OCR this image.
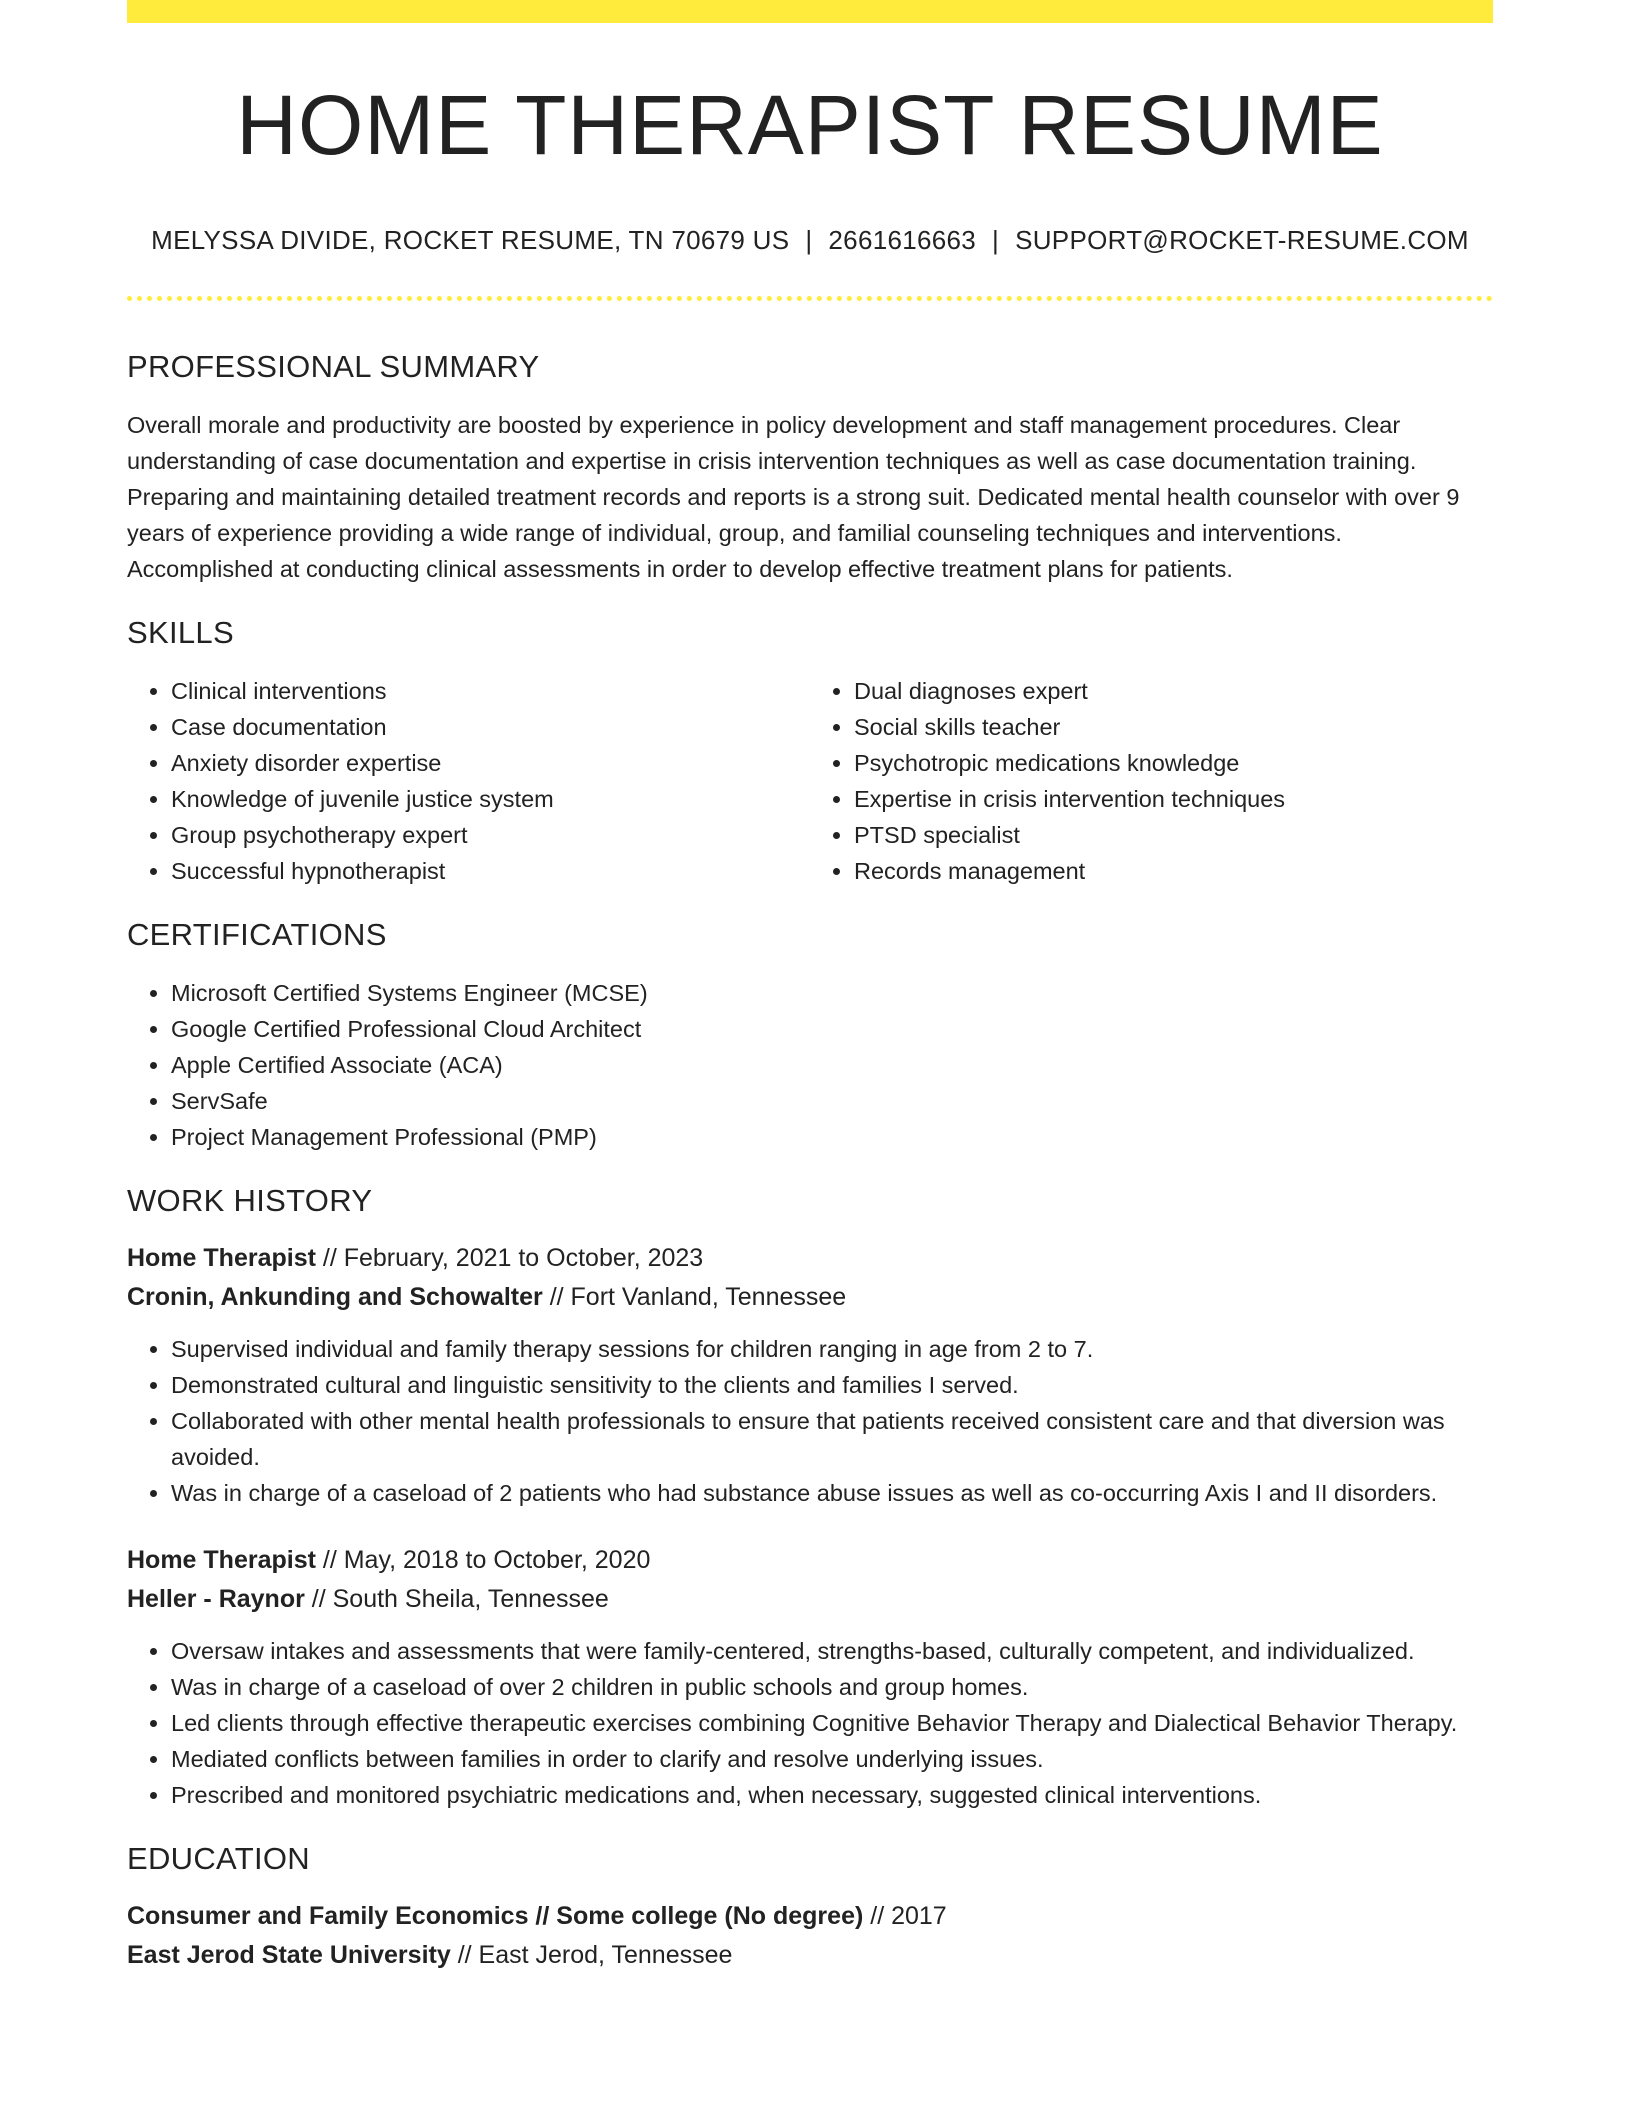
HOME THERAPIST RESUME
MELYSSA DIVIDE, ROCKET RESUME, TN 70679 US | 2661616663 | SUPPORT@ROCKET-RESUME.COM
PROFESSIONAL SUMMARY

Overall morale and productivity are boosted by experience in policy development and staff management procedures. Clear understanding of case documentation and expertise in crisis intervention techniques as well as case documentation training. Preparing and maintaining detailed treatment records and reports is a strong suit. Dedicated mental health counselor with over 9 years of experience providing a wide range of individual, group, and familial counseling techniques and interventions. Accomplished at conducting clinical assessments in order to develop effective treatment plans for patients.

SKILLS
• Clinical interventions
• Case documentation
• Anxiety disorder expertise
• Knowledge of juvenile justice system
• Group psychotherapy expert
• Successful hypnotherapist
• Dual diagnoses expert
• Social skills teacher
• Psychotropic medications knowledge
• Expertise in crisis intervention techniques
• PTSD specialist
• Records management
CERTIFICATIONS
• Microsoft Certified Systems Engineer (MCSE)
• Google Certified Professional Cloud Architect
• Apple Certified Associate (ACA)
• ServSafe
• Project Management Professional (PMP)
WORK HISTORY

Home Therapist // February, 2021 to October, 2023

Cronin, Ankunding and Schowalter // Fort Vanland, Tennessee

• Supervised individual and family therapy sessions for children ranging in age from 2 to 7.
• Demonstrated cultural and linguistic sensitivity to the clients and families I served.
• Collaborated with other mental health professionals to ensure that patients received consistent care and that diversion was avoided.
• Was in charge of a caseload of 2 patients who had substance abuse issues as well as co-occurring Axis I and II disorders.

Home Therapist // May, 2018 to October, 2020

Heller - Raynor // South Sheila, Tennessee

• Oversaw intakes and assessments that were family-centered, strengths-based, culturally competent, and individualized.
• Was in charge of a caseload of over 2 children in public schools and group homes.
• Led clients through effective therapeutic exercises combining Cognitive Behavior Therapy and Dialectical Behavior Therapy.
• Mediated conflicts between families in order to clarify and resolve underlying issues.
• Prescribed and monitored psychiatric medications and, when necessary, suggested clinical interventions.
EDUCATION

Consumer and Family Economics // Some college (No degree) // 2017

East Jerod State University // East Jerod, Tennessee
